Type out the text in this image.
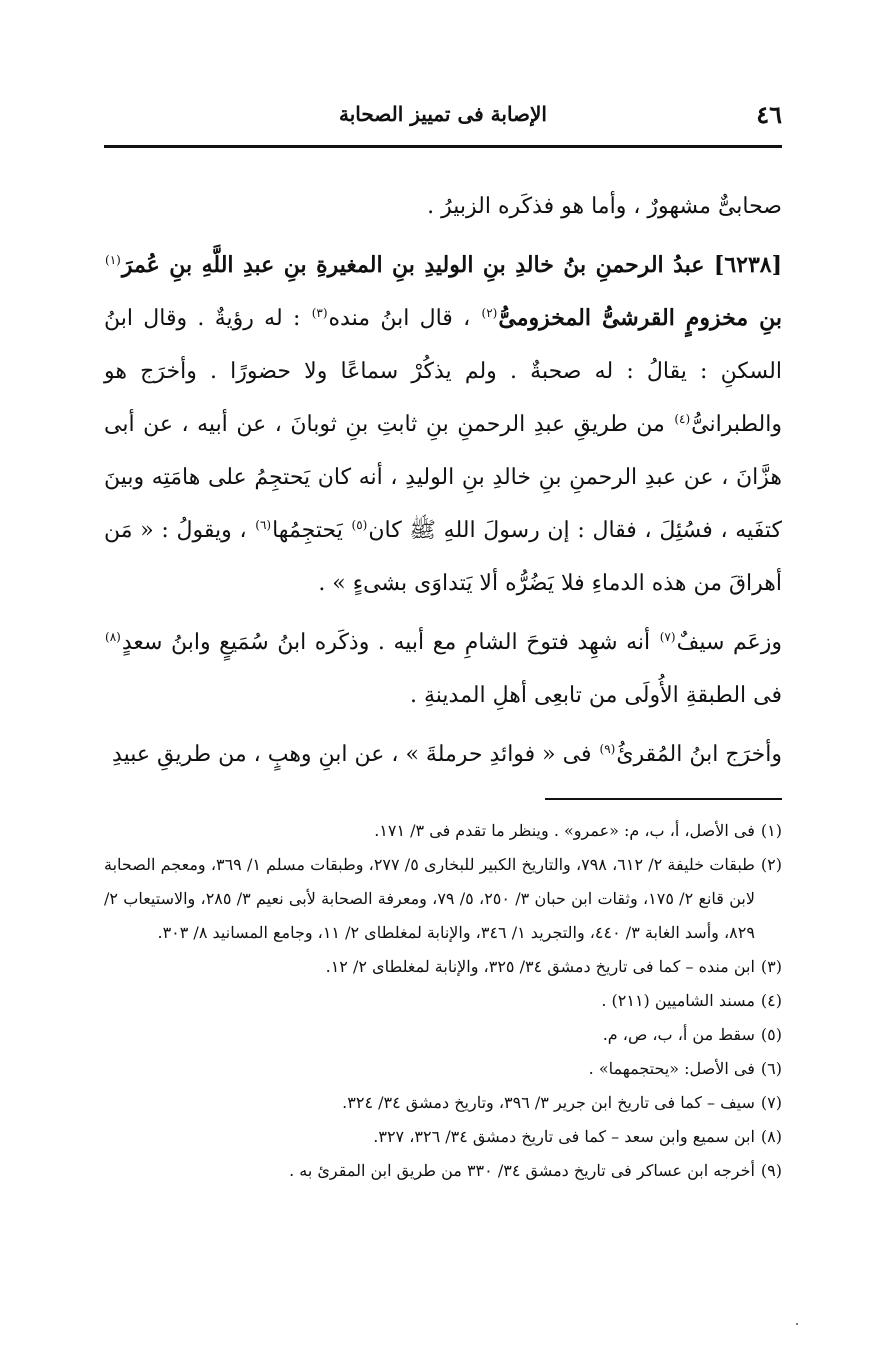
٤٦
الإصابة فى تمييز الصحابة

صحابىٌّ مشهورٌ ، وأما هو فذكَره الزبيرُ .

[٦٢٣٨] عبدُ الرحمنِ بنُ خالدِ بنِ الوليدِ بنِ المغيرةِ بنِ عبدِ اللَّهِ بنِ عُمرَ$^{(١)}$ بنِ مخزومٍ القرشىُّ المخزومىُّ$^{(٢)}$ ، قال ابنُ منده$^{(٣)}$ : له رؤيةٌ . وقال ابنُ السكنِ : يقالُ : له صحبةٌ . ولم يذكُرْ سماعًا ولا حضورًا . وأخرَج هو والطبرانىُّ$^{(٤)}$ من طريقِ عبدِ الرحمنِ بنِ ثابتِ بنِ ثوبانَ ، عن أبيه ، عن أبى هزَّانَ ، عن عبدِ الرحمنِ بنِ خالدِ بنِ الوليدِ ، أنه كان يَحتجِمُ على هامَتِه وبينَ كتفَيه ، فسُئِلَ ، فقال : إن رسولَ اللهِ ﷺ كان$^{(٥)}$ يَحتجِمُها$^{(٦)}$ ، ويقولُ : « مَن أهراقَ من هذه الدماءِ فلا يَضُرُّه ألا يَتداوَى بشىءٍ » .

وزعَم سيفٌ$^{(٧)}$ أنه شهِد فتوحَ الشامِ مع أبيه . وذكَره ابنُ سُمَيعٍ وابنُ سعدٍ$^{(٨)}$ فى الطبقةِ الأُولَى من تابعِى أهلِ المدينةِ .

وأخرَج ابنُ المُقرئُ$^{(٩)}$ فى « فوائدِ حرملةَ » ، عن ابنِ وهبٍ ، من طريقِ عبيدِ

(١)
فى الأصل، أ، ب، م: «عمرو» . وينظر ما تقدم فى ٣/ ١٧١.
(٢)
طبقات خليفة ٢/ ٦١٢، ٧٩٨، والتاريخ الكبير للبخارى ٥/ ٢٧٧، وطبقات مسلم ١/ ٣٦٩، ومعجم الصحابة لابن قانع ٢/ ١٧٥، وثقات ابن حبان ٣/ ٢٥٠، ٥/ ٧٩، ومعرفة الصحابة لأبى نعيم ٣/ ٢٨٥، والاستيعاب ٢/ ٨٢٩، وأسد الغابة ٣/ ٤٤٠، والتجريد ١/ ٣٤٦، والإنابة لمغلطاى ٢/ ١١، وجامع المسانيد ٨/ ٣٠٣.
(٣)
ابن منده – كما فى تاريخ دمشق ٣٤/ ٣٢٥، والإنابة لمغلطاى ٢/ ١٢.
(٤)
مسند الشاميين (٢١١) .
(٥)
سقط من أ، ب، ص، م.
(٦)
فى الأصل: «يحتجمهما» .
(٧)
سيف – كما فى تاريخ ابن جرير ٣/ ٣٩٦، وتاريخ دمشق ٣٤/ ٣٢٤.
(٨)
ابن سميع وابن سعد – كما فى تاريخ دمشق ٣٤/ ٣٢٦، ٣٢٧.
(٩)
أخرجه ابن عساكر فى تاريخ دمشق ٣٤/ ٣٣٠ من طريق ابن المقرئ به .
